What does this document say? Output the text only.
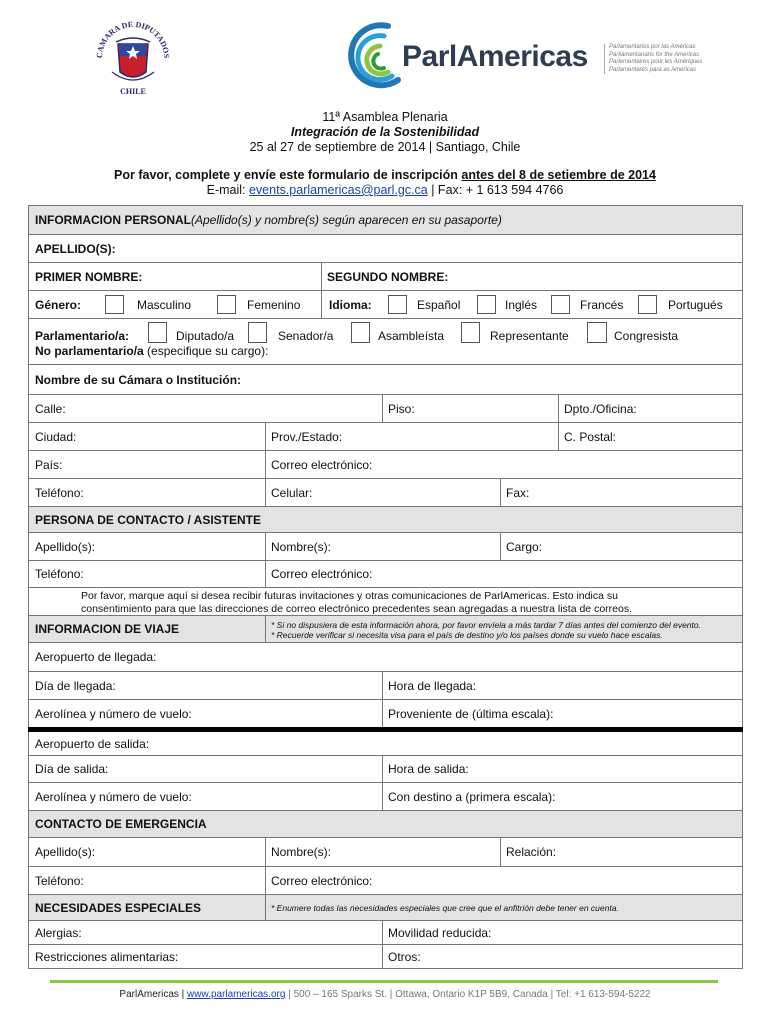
CAMARA DE DIPUTADOS
CHILE
ParlAmericas	Parlamentarios por las Américas
Parliamentarians for the Americas
Parlementaires pour les Amériques
Parlamentares para as Americas
11ª Asamblea Plenaria
Integración de la Sostenibilidad
25 al 27 de septiembre de 2014 | Santiago, Chile
Por favor, complete y envíe este formulario de inscripción antes del 8 de setiembre de 2014
E-mail: events.parlamericas@parl.gc.ca | Fax: + 1 613 594 4766
INFORMACION PERSONAL (Apellido(s) y nombre(s) según aparecen en su pasaporte)
APELLIDO(S):
PRIMER NOMBRE:	SEGUNDO NOMBRE:
Género:	Masculino	Femenino Idioma:	Español	Inglés	Francés	Portugués
Parlamentario/a:	Diputado/a	Senador/a	Asambleísta	Representante	Congresista
No parlamentario/a (especifique su cargo):
Nombre de su Cámara o Institución:
Calle:	Piso:	Dpto./Oficina:
Ciudad:	Prov./Estado:	C. Postal:
País:	Correo electrónico:
Teléfono:	Celular:	Fax:
PERSONA DE CONTACTO / ASISTENTE
Apellido(s):	Nombre(s):	Cargo:
Teléfono:	Correo electrónico:
Por favor, marque aquí si desea recibir futuras invitaciones y otras comunicaciones de ParlAmericas. Esto indica su
consentimiento para que las direcciones de correo electrónico precedentes sean agregadas a nuestra lista de correos.
INFORMACION DE VIAJE	* Si no dispusiera de esta información ahora, por favor envíela a más tardar 7 días antes del comienzo del evento.
* Recuerde verificar si necesita visa para el país de destino y/o los países donde su vuelo hace escalas.
Aeropuerto de llegada:
Día de llegada:	Hora de llegada:
Aerolínea y número de vuelo:	Proveniente de (última escala):
Aeropuerto de salida:
Día de salida:	Hora de salida:
Aerolínea y número de vuelo:	Con destino a (primera escala):
CONTACTO DE EMERGENCIA
Apellido(s):	Nombre(s):	Relación:
Teléfono:	Correo electrónico:
NECESIDADES ESPECIALES	* Enumere todas las necesidades especiales que cree que el anfitrión debe tener en cuenta.
Alergias:	Movilidad reducida:
Restricciones alimentarias:	Otros:
ParlAmericas | www.parlamericas.org | 500 – 165 Sparks St. | Ottawa, Ontario K1P 5B9, Canada | Tel: +1 613-594-5222
